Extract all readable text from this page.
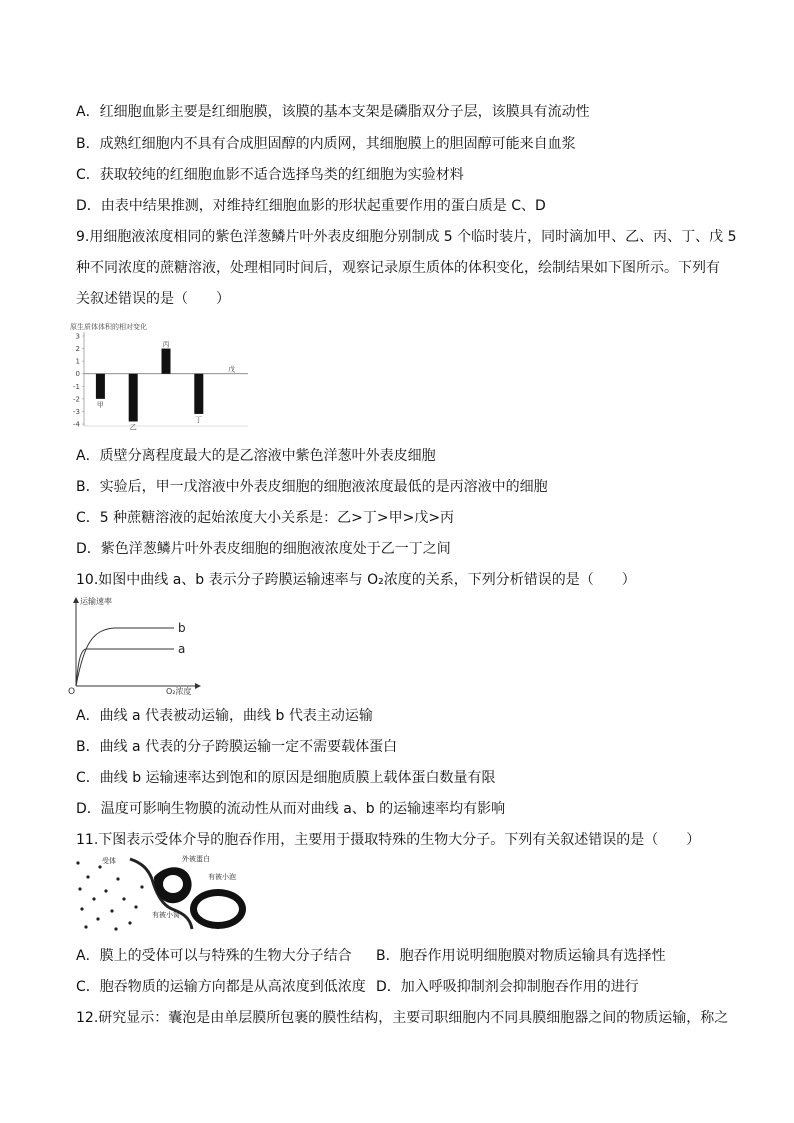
A．红细胞血影主要是红细胞膜，该膜的基本支架是磷脂双分子层，该膜具有流动性
B．成熟红细胞内不具有合成胆固醇的内质网，其细胞膜上的胆固醇可能来自血浆
C．获取较纯的红细胞血影不适合选择鸟类的红细胞为实验材料
D．由表中结果推测，对维持红细胞血影的形状起重要作用的蛋白质是 C、D
9.用细胞液浓度相同的紫色洋葱鳞片叶外表皮细胞分别制成 5 个临时装片，同时滴加甲、乙、丙、丁、戊 5
种不同浓度的蔗糖溶液，处理相同时间后，观察记录原生质体的体积变化，绘制结果如下图所示。下列有
关叙述错误的是（　　）
原生质体体积的相对变化
3
2
1
0
-1
-2
-3
-4
甲
乙
丙
丁
戊
A．质壁分离程度最大的是乙溶液中紫色洋葱叶外表皮细胞
B．实验后，甲一戊溶液中外表皮细胞的细胞液浓度最低的是丙溶液中的细胞
C．5 种蔗糖溶液的起始浓度大小关系是：乙>丁>甲>戊>丙
D．紫色洋葱鳞片叶外表皮细胞的细胞液浓度处于乙一丁之间
10.如图中曲线 a、b 表示分子跨膜运输速率与 O₂浓度的关系，下列分析错误的是（　　）
运输速率
O₂浓度
O
b
a
A．曲线 a 代表被动运输，曲线 b 代表主动运输
B．曲线 a 代表的分子跨膜运输一定不需要载体蛋白
C．曲线 b 运输速率达到饱和的原因是细胞质膜上载体蛋白数量有限
D．温度可影响生物膜的流动性从而对曲线 a、b 的运输速率均有影响
11.下图表示受体介导的胞吞作用，主要用于摄取特殊的生物大分子。下列有关叙述错误的是（　　）
受体	外被蛋白
有被小泡
有被小窝
A．膜上的受体可以与特殊的生物大分子结合 B．胞吞作用说明细胞膜对物质运输具有选择性
C．胞吞物质的运输方向都是从高浓度到低浓度 D．加入呼吸抑制剂会抑制胞吞作用的进行
12.研究显示：囊泡是由单层膜所包裹的膜性结构，主要司职细胞内不同具膜细胞器之间的物质运输，称之
